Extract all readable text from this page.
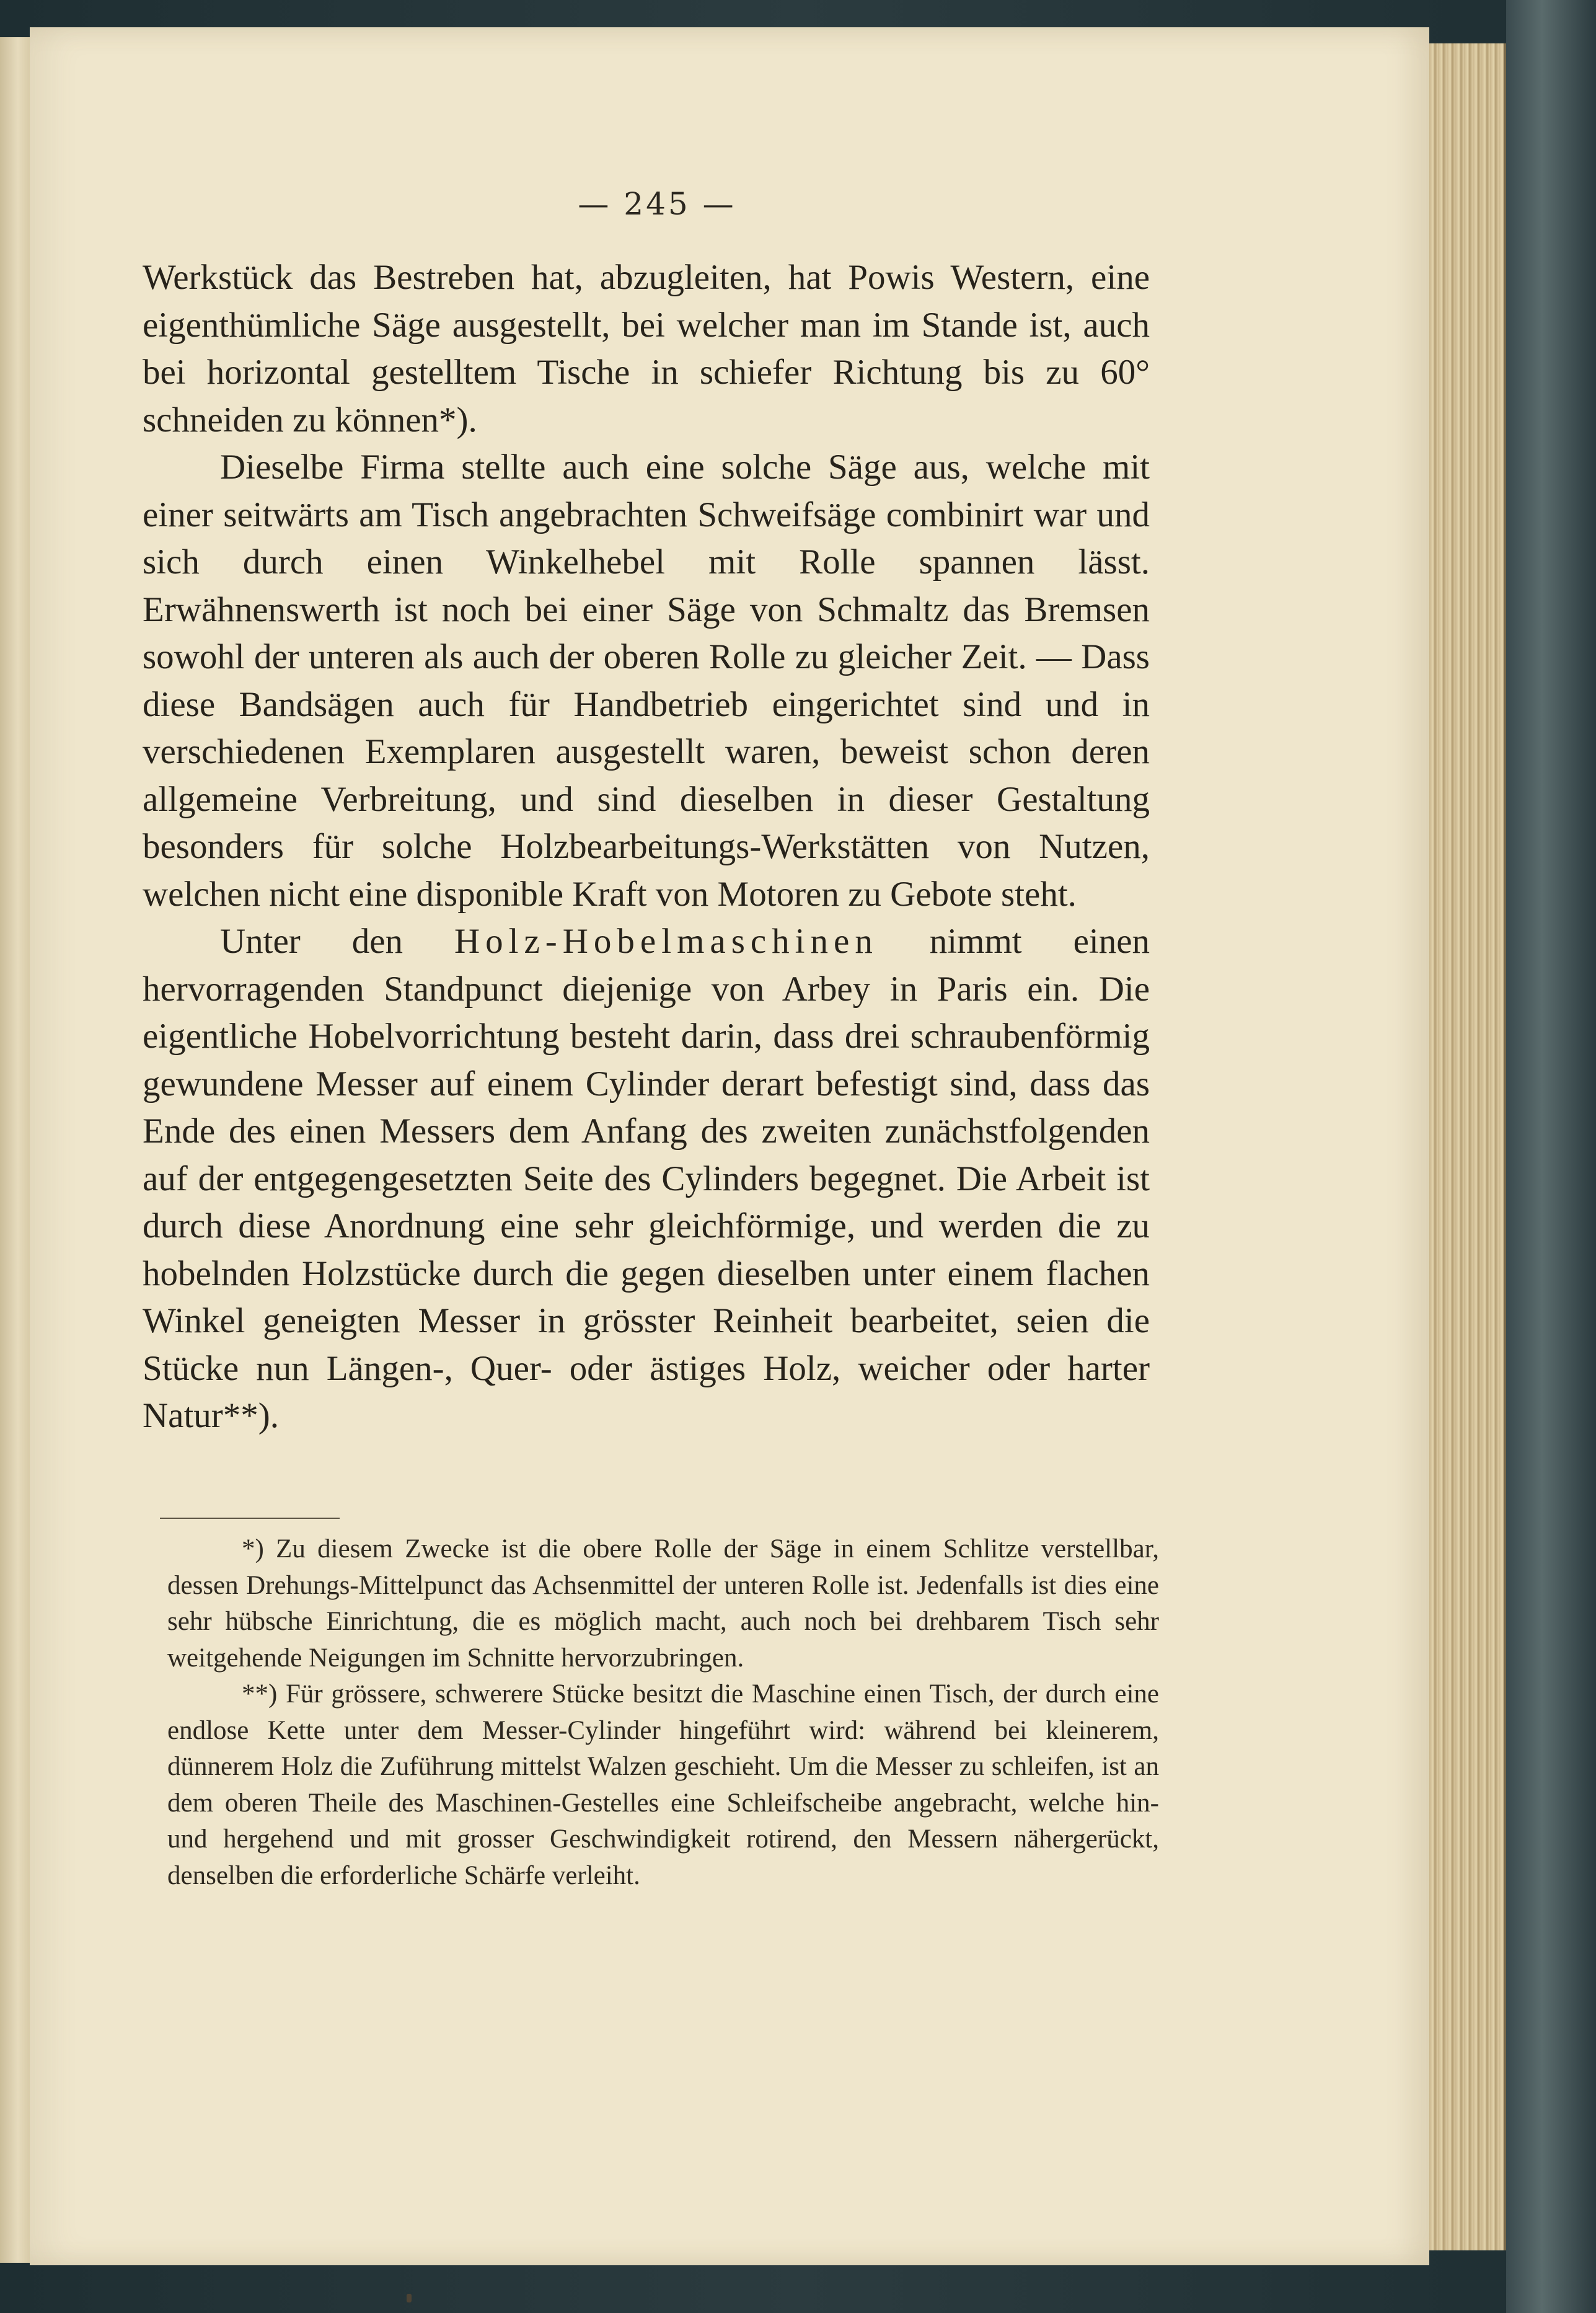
— 245 —

Werkstück das Bestreben hat, abzugleiten, hat Powis Western, eine eigenthümliche Säge ausgestellt, bei welcher man im Stande ist, auch bei horizontal gestelltem Tische in schiefer Richtung bis zu 60° schneiden zu können*).

Dieselbe Firma stellte auch eine solche Säge aus, welche mit einer seitwärts am Tisch angebrachten Schweifsäge combinirt war und sich durch einen Winkelhebel mit Rolle spannen lässt. Erwähnenswerth ist noch bei einer Säge von Schmaltz das Bremsen sowohl der unteren als auch der oberen Rolle zu gleicher Zeit. — Dass diese Bandsägen auch für Handbetrieb eingerichtet sind und in verschiedenen Exemplaren ausgestellt waren, beweist schon deren allgemeine Verbreitung, und sind dieselben in dieser Gestaltung besonders für solche Holzbearbeitungs-Werkstätten von Nutzen, welchen nicht eine disponible Kraft von Motoren zu Gebote steht.

Unter den Holz-Hobelmaschinen nimmt einen hervorragenden Standpunct diejenige von Arbey in Paris ein. Die eigentliche Hobelvorrichtung besteht darin, dass drei schraubenförmig gewundene Messer auf einem Cylinder derart befestigt sind, dass das Ende des einen Messers dem Anfang des zweiten zunächstfolgenden auf der entgegengesetzten Seite des Cylinders begegnet. Die Arbeit ist durch diese Anordnung eine sehr gleichförmige, und werden die zu hobelnden Holzstücke durch die gegen dieselben unter einem flachen Winkel geneigten Messer in grösster Reinheit bearbeitet, seien die Stücke nun Längen-, Quer- oder ästiges Holz, weicher oder harter Natur**).

*) Zu diesem Zwecke ist die obere Rolle der Säge in einem Schlitze verstellbar, dessen Drehungs-Mittelpunct das Achsenmittel der unteren Rolle ist. Jedenfalls ist dies eine sehr hübsche Einrichtung, die es möglich macht, auch noch bei drehbarem Tisch sehr weitgehende Neigungen im Schnitte hervorzubringen.

**) Für grössere, schwerere Stücke besitzt die Maschine einen Tisch, der durch eine endlose Kette unter dem Messer-Cylinder hingeführt wird: während bei kleinerem, dünnerem Holz die Zuführung mittelst Walzen geschieht. Um die Messer zu schleifen, ist an dem oberen Theile des Maschinen-Gestelles eine Schleifscheibe angebracht, welche hin- und hergehend und mit grosser Geschwindigkeit rotirend, den Messern nähergerückt, denselben die erforderliche Schärfe verleiht.
